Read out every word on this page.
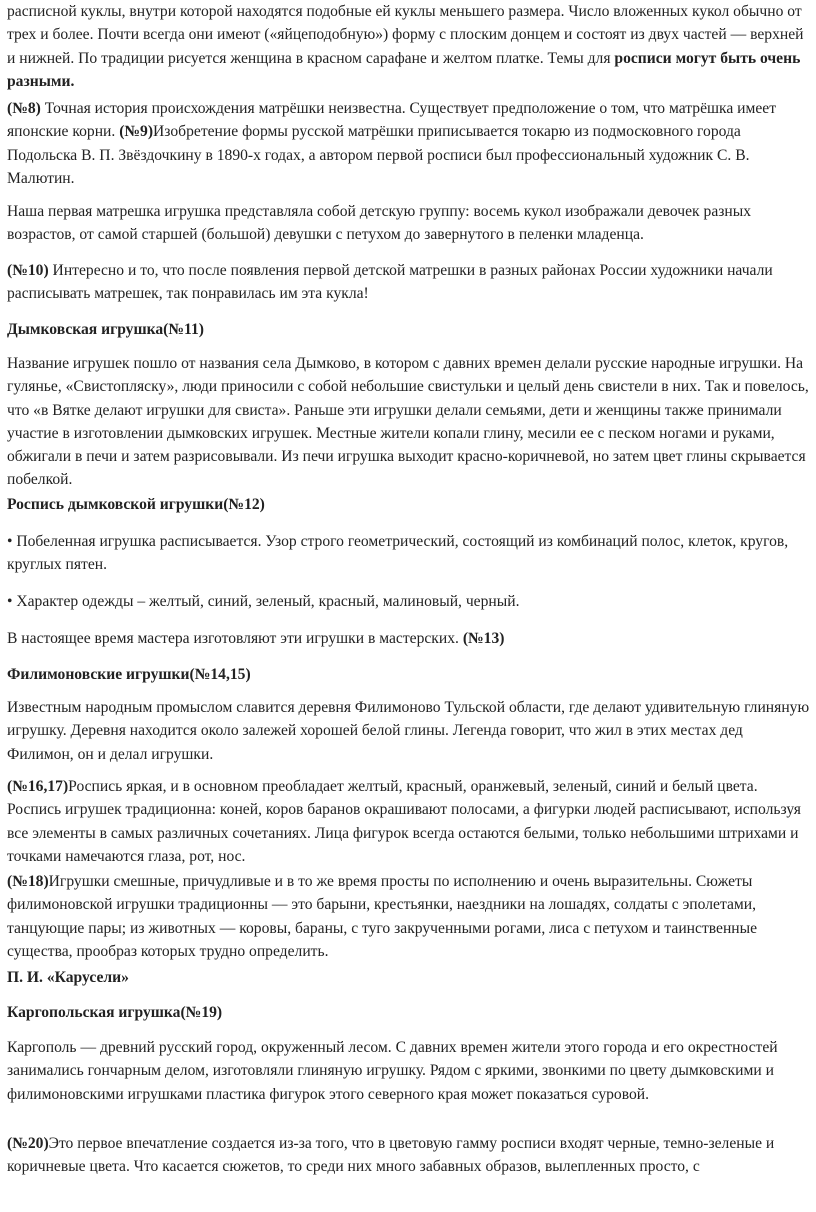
расписной куклы, внутри которой находятся подобные ей куклы меньшего размера. Число вложенных кукол обычно от трех и более. Почти всегда они имеют («яйцеподобную») форму с плоским донцем и состоят из двух частей — верхней и нижней. По традиции рисуется женщина в красном сарафане и желтом платке. Темы для росписи могут быть очень разными.

(№8) Точная история происхождения матрёшки неизвестна. Существует предположение о том, что матрёшка имеет японские корни. (№9)Изобретение формы русской матрёшки приписывается токарю из подмосковного города Подольска В. П. Звёздочкину в 1890-х годах, а автором первой росписи был профессиональный художник С. В. Малютин.

Наша первая матрешка игрушка представляла собой детскую группу: восемь кукол изображали девочек разных возрастов, от самой старшей (большой) девушки с петухом до завернутого в пеленки младенца.

(№10) Интересно и то, что после появления первой детской матрешки в разных районах России художники начали расписывать матрешек, так понравилась им эта кукла!

Дымковская игрушка(№11)

Название игрушек пошло от названия села Дымково, в котором с давних времен делали русские народные игрушки. На гулянье, «Свистопляску», люди приносили с собой небольшие свистульки и целый день свистели в них. Так и повелось, что «в Вятке делают игрушки для свиста». Раньше эти игрушки делали семьями, дети и женщины также принимали участие в изготовлении дымковских игрушек. Местные жители копали глину, месили ее с песком ногами и руками, обжигали в печи и затем разрисовывали. Из печи игрушка выходит красно-коричневой, но затем цвет глины скрывается побелкой.

Роспись дымковской игрушки(№12)

• Побеленная игрушка расписывается. Узор строго геометрический, состоящий из комбинаций полос, клеток, кругов, круглых пятен.

• Характер одежды – желтый, синий, зеленый, красный, малиновый, черный.

В настоящее время мастера изготовляют эти игрушки в мастерских. (№13)

Филимоновские игрушки(№14,15)

Известным народным промыслом славится деревня Филимоново Тульской области, где делают удивительную глиняную игрушку. Деревня находится около залежей хорошей белой глины. Легенда говорит, что жил в этих местах дед Филимон, он и делал игрушки.

(№16,17)Роспись яркая, и в основном преобладает желтый, красный, оранжевый, зеленый, синий и белый цвета. Роспись игрушек традиционна: коней, коров баранов окрашивают полосами, а фигурки людей расписывают, используя все элементы в самых различных сочетаниях. Лица фигурок всегда остаются белыми, только небольшими штрихами и точками намечаются глаза, рот, нос.

(№18)Игрушки смешные, причудливые и в то же время просты по исполнению и очень выразительны. Сюжеты филимоновской игрушки традиционны — это барыни, крестьянки, наездники на лошадях, солдаты с эполетами, танцующие пары; из животных — коровы, бараны, с туго закрученными рогами, лиса с петухом и таинственные существа, прообраз которых трудно определить.

П. И. «Карусели»

Каргопольская игрушка(№19)

Каргополь — древний русский город, окруженный лесом. С давних времен жители этого города и его окрестностей занимались гончарным делом, изготовляли глиняную игрушку. Рядом с яркими, звонкими по цвету дымковскими и филимоновскими игрушками пластика фигурок этого северного края может показаться суровой.

(№20)Это первое впечатление создается из-за того, что в цветовую гамму росписи входят черные, темно-зеленые и коричневые цвета. Что касается сюжетов, то среди них много забавных образов, вылепленных просто, с
